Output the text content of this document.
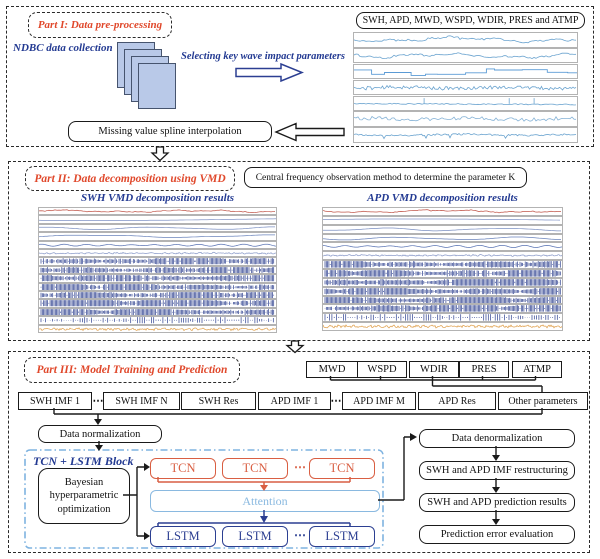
Part I: Data pre-processing
NDBC data collection
Selecting key wave impact parameters
SWH, APD, MWD, WSPD, WDIR, PRES and ATMP
Missing value spline interpolation
Part II: Data decomposition using VMD	Central frequency observation method to determine the parameter K
SWH VMD decomposition results	APD VMD decomposition results
Part III: Model Training and Prediction
Data normalization
TCN + LSTM Block
Bayesian hyperparametric optimization
Attention
MWD	WSPD	WDIR	PRES	ATMP
SWH IMF 1	⋯	SWH IMF N	SWH Res	APD IMF 1	⋯	APD IMF M	APD Res	Other parameters
TCN	TCN	⋯	TCN
LSTM	LSTM	⋯	LSTM
Data denormalization
SWH and APD IMF restructuring
SWH and APD prediction results
Prediction error evaluation
